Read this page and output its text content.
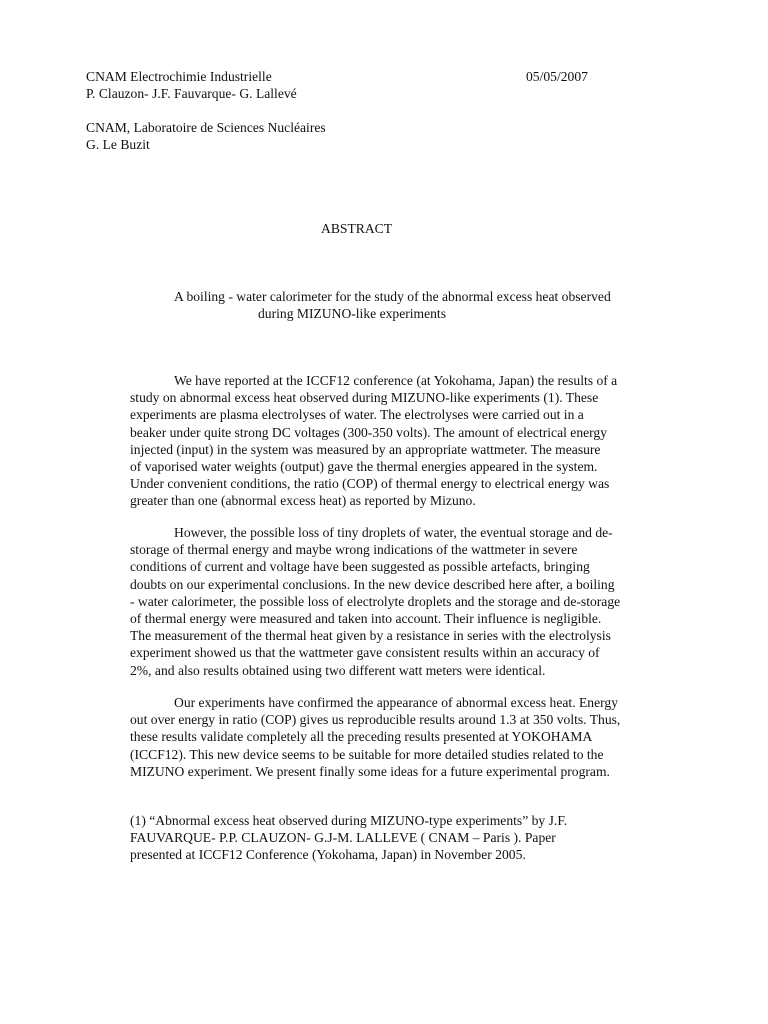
CNAM Electrochimie Industrielle	05/05/2007
P. Clauzon- J.F. Fauvarque- G. Lallevé
CNAM, Laboratoire de Sciences Nucléaires
G. Le Buzit
ABSTRACT
A boiling - water calorimeter for the study of the abnormal excess heat observed
during MIZUNO-like experiments
We have reported at the ICCF12 conference (at Yokohama, Japan) the results of a
study on abnormal excess heat observed during MIZUNO-like experiments (1). These
experiments are plasma electrolyses of water. The electrolyses were carried out in a
beaker under quite strong DC voltages (300-350 volts). The amount of electrical energy
injected (input) in the system was measured by an appropriate wattmeter. The measure
of vaporised water weights (output) gave the thermal energies appeared in the system.
Under convenient conditions, the ratio (COP) of thermal energy to electrical energy was
greater than one (abnormal excess heat) as reported by Mizuno.
However, the possible loss of tiny droplets of water, the eventual storage and de-
storage of thermal energy and maybe wrong indications of the wattmeter in severe
conditions of current and voltage have been suggested as possible artefacts, bringing
doubts on our experimental conclusions. In the new device described here after, a boiling
- water calorimeter, the possible loss of electrolyte droplets and the storage and de-storage
of thermal energy were measured and taken into account. Their influence is negligible.
The measurement of the thermal heat given by a resistance in series with the electrolysis
experiment showed us that the wattmeter gave consistent results within an accuracy of
2%, and also results obtained using two different watt meters were identical.
Our experiments have confirmed the appearance of abnormal excess heat. Energy
out over energy in ratio (COP) gives us reproducible results around 1.3 at 350 volts. Thus,
these results validate completely all the preceding results presented at YOKOHAMA
(ICCF12). This new device seems to be suitable for more detailed studies related to the
MIZUNO experiment. We present finally some ideas for a future experimental program.
(1) “Abnormal excess heat observed during MIZUNO-type experiments” by J.F.
FAUVARQUE- P.P. CLAUZON- G.J-M. LALLEVE ( CNAM – Paris ). Paper
presented at ICCF12 Conference (Yokohama, Japan) in November 2005.
